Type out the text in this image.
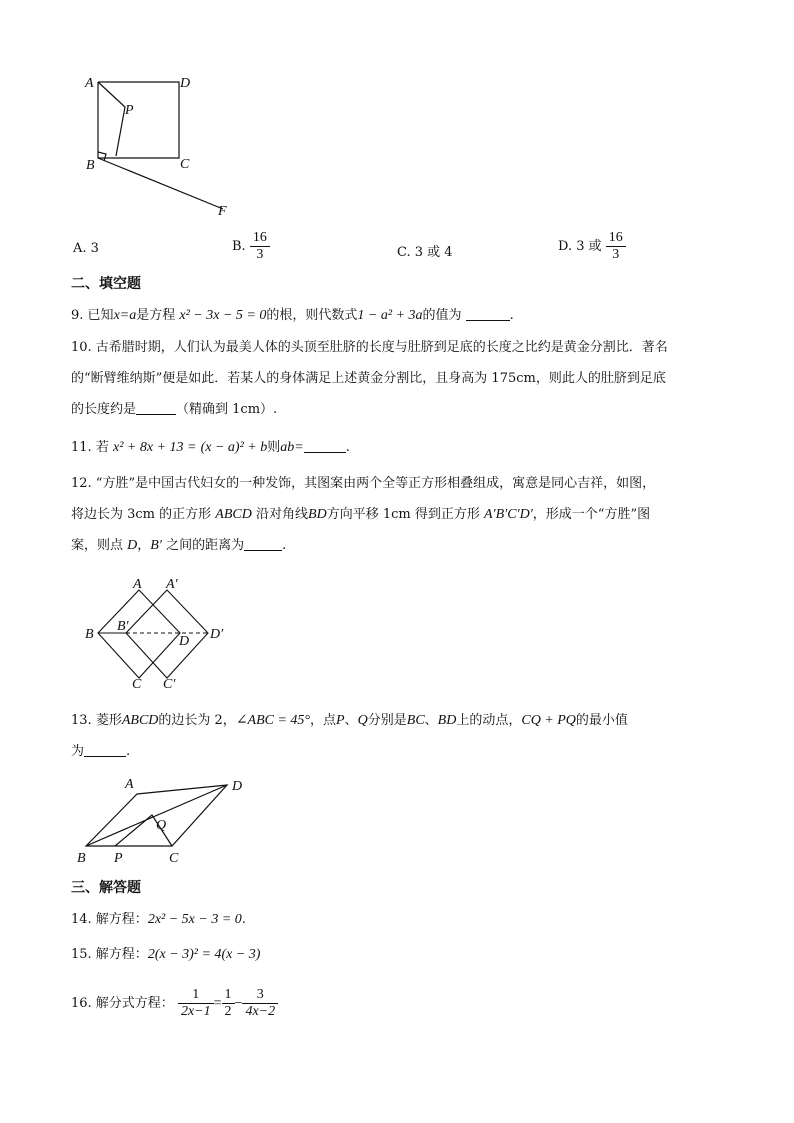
A	D
P
B	C
F
A. 3	B. $\frac{16}{3}$	C. 3 或 4	D. 3 或 $\frac{16}{3}$
二、填空题
9. 已知x=a是方程 x² − 3x − 5 = 0的根，则代数式1 − a² + 3a的值为	.
10. 古希腊时期，人们认为最美人体的头顶至肚脐的长度与肚脐到足底的长度之比约是黄金分割比．著名
的“断臂维纳斯”便是如此．若某人的身体满足上述黄金分割比，且身高为 175cm，则此人的肚脐到足底
的长度约是	（精确到 1cm）.
11. 若 x² + 8x + 13 = (x − a)² + b则ab=	.
12. “方胜”是中国古代妇女的一种发饰，其图案由两个全等正方形相叠组成，寓意是同心吉祥，如图，
将边长为 3cm 的正方形 ABCD 沿对角线BD方向平移 1cm 得到正方形 A′B′C′D′，形成一个“方胜”图
案，则点 D，B′ 之间的距离为	.
A A′
B
B′
D D′
C C′
13. 菱形ABCD的边长为 2，∠ABC = 45°，点P、Q分别是BC、BD上的动点，CQ + PQ的最小值
为	.
A	D
Q
B P	C
三、解答题
14. 解方程：2x² − 5x − 3 = 0.
15. 解方程：2(x − 3)² = 4(x − 3)
16. 解分式方程： $\frac{1}{2x-1} = \frac{1}{2} - \frac{3}{4x-2}$
